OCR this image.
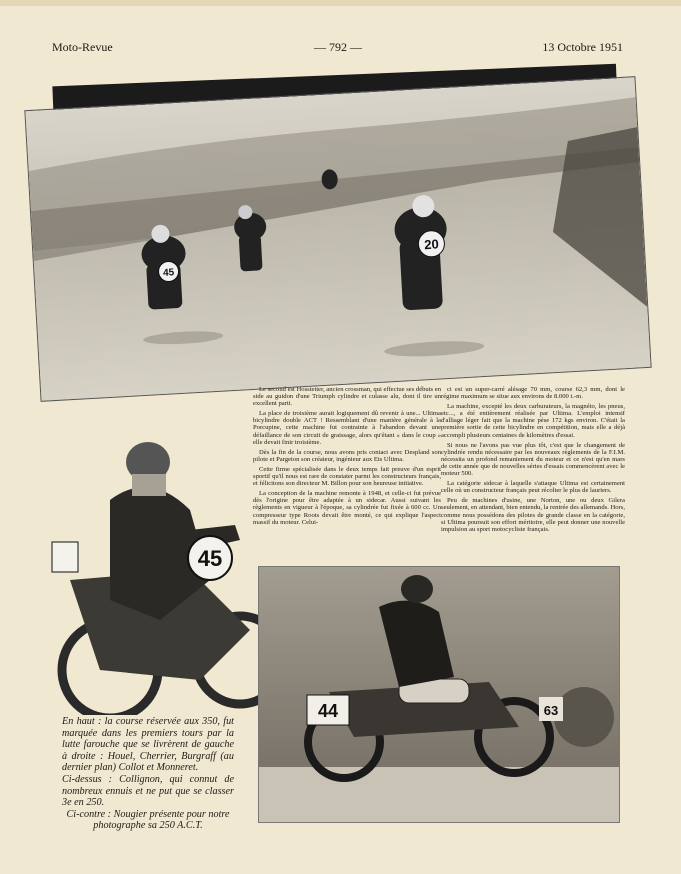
Moto-Revue	— 792 —	13 Octobre 1951
45
20
45
44	63

Le second est Hosstetter, ancien crossman, qui effectue ses débuts en side au guidon d'une Triumph cylindre et culasse alu, dont il tire un excellent parti.

La place de troisième aurait logiquement dû revenir à une... Ultima bicylindre double ACT ! Ressemblant d'une manière générale à la Porcupine, cette machine fut contrainte à l'abandon devant une défaillance de son circuit de graissage, alors qu'étant « dans le coup » elle devait finir troisième.

Dès la fin de la course, nous avons pris contact avec Despland son pilote et Pargeton son créateur, ingénieur aux Ets Ultima.

Cette firme spécialisée dans le deux temps fait preuve d'un esprit sportif qu'il nous est rare de constater parmi les constructeurs français, et félicitons son directeur M. Billon pour son heureuse initiative.

La conception de la machine remonte à 1948, et celle-ci fut prévue dès l'origine pour être adaptée à un sidecar. Aussi suivant les règlements en vigueur à l'époque, sa cylindrée fut fixée à 600 cc. Un compresseur type Roots devait être monté, ce qui explique l'aspect massif du moteur. Celui-

ci est un super-carré alésage 70 mm, course 62,3 mm, dont le régime maximum se situe aux environs de 8.000 t.-m.

La machine, excepté les deux carburateurs, la magnéto, les pneus, etc..., a été entièrement réalisée par Ultima. L'emploi intensif d'alliage léger fait que la machine pèse 172 kgs environ. C'était la première sortie de cette bicylindre en compétition, mais elle a déjà accompli plusieurs centaines de kilomètres d'essai.

Si nous ne l'avons pas vue plus tôt, c'est que le changement de cylindrée rendu nécessaire par les nouveaux règlements de la F.I.M. nécessita un profond remaniement du moteur et ce n'est qu'en mars de cette année que de nouvelles séries d'essais commencèrent avec le moteur 500.

La catégorie sidecar à laquelle s'attaque Ultima est certainement celle où un constructeur français peut récolter le plus de lauriers.

Peu de machines d'usine, une Norton, une ou deux Gilera seulement, en attendant, bien entendu, la rentrée des allemands. Hors, comme nous possédons des pilotes de grande classe en la catégorie, si Ultima poursuit son effort méritoire, elle peut donner une nouvelle impulsion au sport motocycliste français.

En haut : la course réservée aux 350, fut marquée dans les premiers tours par la lutte farouche que se livrèrent de gauche à droite : Houel, Cherrier, Burgraff (au dernier plan) Collot et Monneret.

Ci-dessus : Collignon, qui connut de nombreux ennuis et ne put que se classer 3e en 250.

Ci-contre : Nougier présente pour notre photographe sa 250 A.C.T.
